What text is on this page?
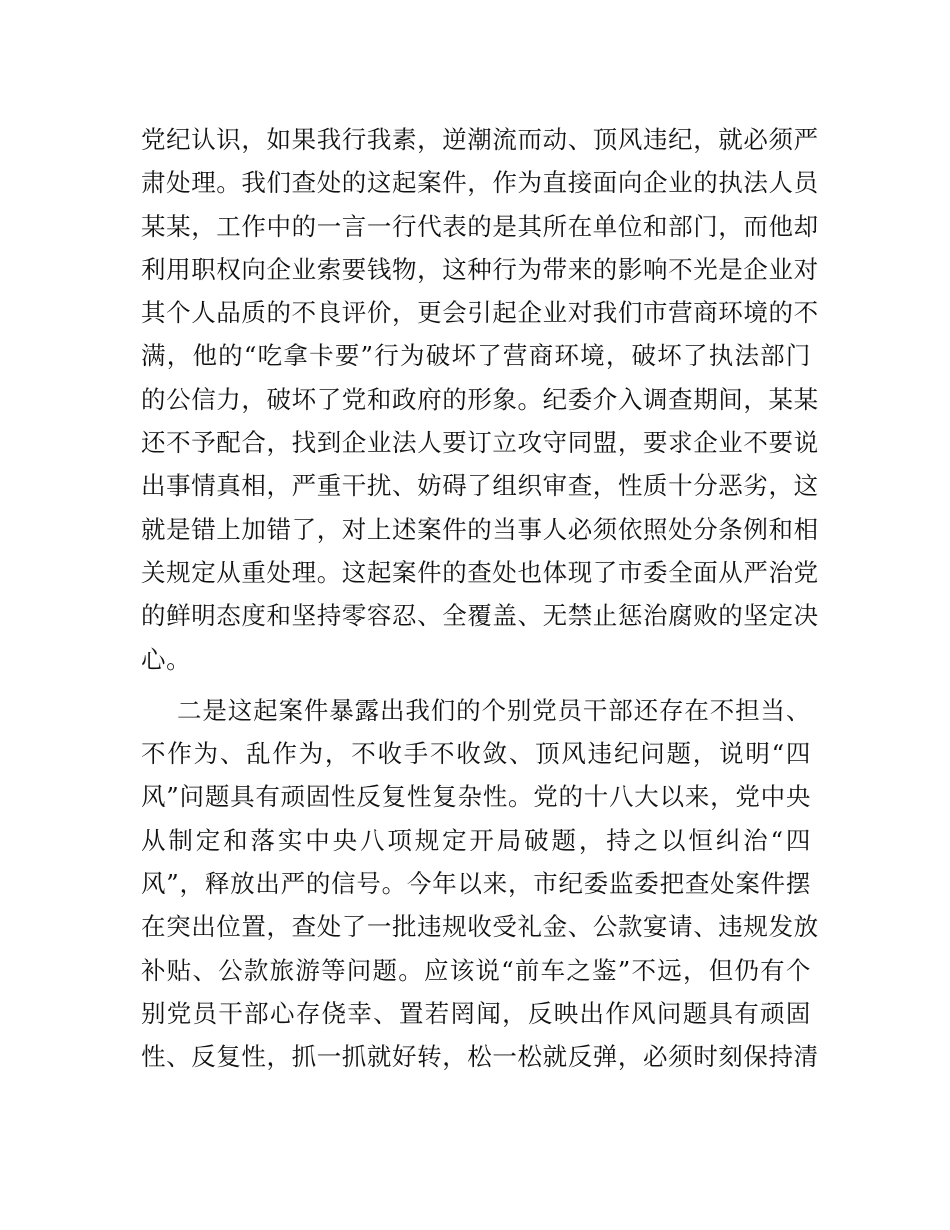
党纪认识，如果我行我素，逆潮流而动、顶风违纪，就必须严
肃处理。我们查处的这起案件，作为直接面向企业的执法人员
某某，工作中的一言一行代表的是其所在单位和部门，而他却
利用职权向企业索要钱物，这种行为带来的影响不光是企业对
其个人品质的不良评价，更会引起企业对我们市营商环境的不
满，他的“吃拿卡要”行为破坏了营商环境，破坏了执法部门
的公信力，破坏了党和政府的形象。纪委介入调查期间，某某
还不予配合，找到企业法人要订立攻守同盟，要求企业不要说
出事情真相，严重干扰、妨碍了组织审查，性质十分恶劣，这
就是错上加错了，对上述案件的当事人必须依照处分条例和相
关规定从重处理。这起案件的查处也体现了市委全面从严治党
的鲜明态度和坚持零容忍、全覆盖、无禁止惩治腐败的坚定决
心。
二是这起案件暴露出我们的个别党员干部还存在不担当、
不作为、乱作为，不收手不收敛、顶风违纪问题，说明“四
风”问题具有顽固性反复性复杂性。党的十八大以来，党中央
从制定和落实中央八项规定开局破题，持之以恒纠治“四
风”，释放出严的信号。今年以来，市纪委监委把查处案件摆
在突出位置，查处了一批违规收受礼金、公款宴请、违规发放
补贴、公款旅游等问题。应该说“前车之鉴”不远，但仍有个
别党员干部心存侥幸、置若罔闻，反映出作风问题具有顽固
性、反复性，抓一抓就好转，松一松就反弹，必须时刻保持清
